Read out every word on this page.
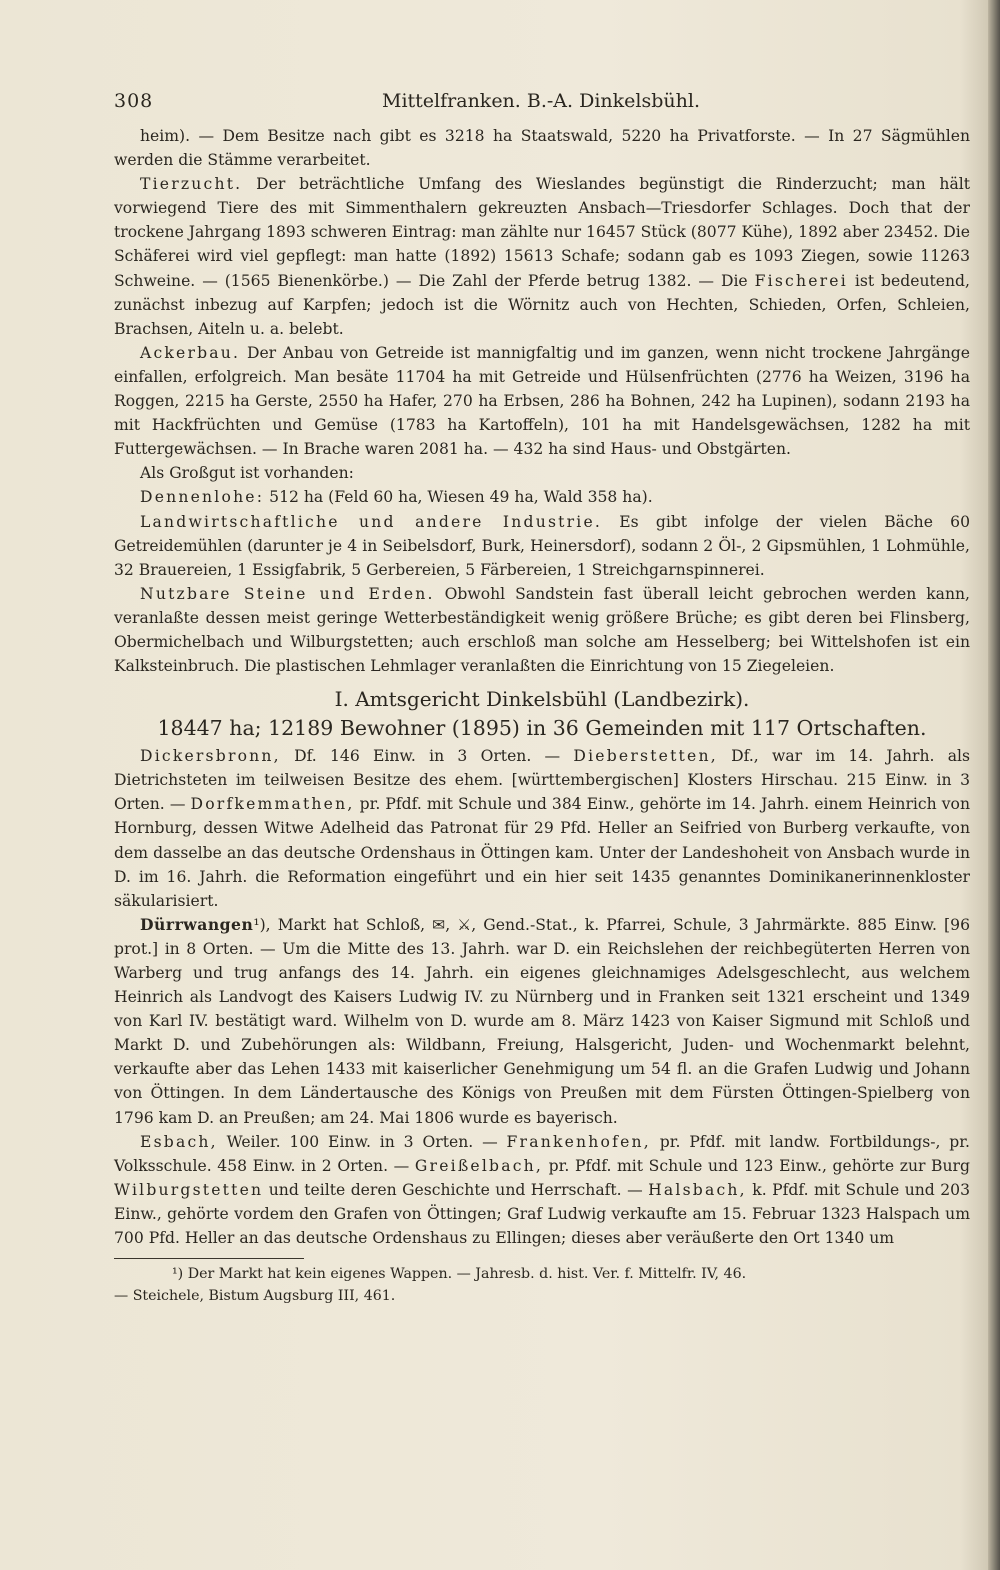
308	Mittelfranken. B.-A. Dinkelsbühl.

heim). — Dem Besitze nach gibt es 3218 ha Staatswald, 5220 ha Privatforste. — In 27 Sägmühlen werden die Stämme verarbeitet.

Tierzucht. Der beträchtliche Umfang des Wieslandes begünstigt die Rinderzucht; man hält vorwiegend Tiere des mit Simmenthalern gekreuzten Ansbach—Triesdorfer Schlages. Doch that der trockene Jahrgang 1893 schweren Eintrag: man zählte nur 16457 Stück (8077 Kühe), 1892 aber 23452. Die Schäferei wird viel gepflegt: man hatte (1892) 15613 Schafe; sodann gab es 1093 Ziegen, sowie 11263 Schweine. — (1565 Bienenkörbe.) — Die Zahl der Pferde betrug 1382. — Die Fischerei ist bedeutend, zunächst inbezug auf Karpfen; jedoch ist die Wörnitz auch von Hechten, Schieden, Orfen, Schleien, Brachsen, Aiteln u. a. belebt.

Ackerbau. Der Anbau von Getreide ist mannigfaltig und im ganzen, wenn nicht trockene Jahrgänge einfallen, erfolgreich. Man besäte 11704 ha mit Getreide und Hülsenfrüchten (2776 ha Weizen, 3196 ha Roggen, 2215 ha Gerste, 2550 ha Hafer, 270 ha Erbsen, 286 ha Bohnen, 242 ha Lupinen), sodann 2193 ha mit Hackfrüchten und Gemüse (1783 ha Kartoffeln), 101 ha mit Handelsgewächsen, 1282 ha mit Futtergewächsen. — In Brache waren 2081 ha. — 432 ha sind Haus- und Obstgärten.

Als Großgut ist vorhanden:

Dennenlohe: 512 ha (Feld 60 ha, Wiesen 49 ha, Wald 358 ha).

Landwirtschaftliche und andere Industrie. Es gibt infolge der vielen Bäche 60 Getreidemühlen (darunter je 4 in Seibelsdorf, Burk, Heinersdorf), sodann 2 Öl-, 2 Gipsmühlen, 1 Lohmühle, 32 Brauereien, 1 Essigfabrik, 5 Gerbereien, 5 Färbereien, 1 Streichgarnspinnerei.

Nutzbare Steine und Erden. Obwohl Sandstein fast überall leicht gebrochen werden kann, veranlaßte dessen meist geringe Wetterbeständigkeit wenig größere Brüche; es gibt deren bei Flinsberg, Obermichelbach und Wilburgstetten; auch erschloß man solche am Hesselberg; bei Wittelshofen ist ein Kalksteinbruch. Die plastischen Lehmlager veranlaßten die Einrichtung von 15 Ziegeleien.

I. Amtsgericht Dinkelsbühl (Landbezirk).
18447 ha; 12189 Bewohner (1895) in 36 Gemeinden mit 117 Ortschaften.

Dickersbronn, Df. 146 Einw. in 3 Orten. — Dieberstetten, Df., war im 14. Jahrh. als Dietrichsteten im teilweisen Besitze des ehem. [württembergischen] Klosters Hirschau. 215 Einw. in 3 Orten. — Dorfkemmathen, pr. Pfdf. mit Schule und 384 Einw., gehörte im 14. Jahrh. einem Heinrich von Hornburg, dessen Witwe Adelheid das Patronat für 29 Pfd. Heller an Seifried von Burberg verkaufte, von dem dasselbe an das deutsche Ordenshaus in Öttingen kam. Unter der Landeshoheit von Ansbach wurde in D. im 16. Jahrh. die Reformation eingeführt und ein hier seit 1435 genanntes Dominikanerinnenkloster säkularisiert.

Dürrwangen¹), Markt hat Schloß, ✉, ⚔, Gend.-Stat., k. Pfarrei, Schule, 3 Jahrmärkte. 885 Einw. [96 prot.] in 8 Orten. — Um die Mitte des 13. Jahrh. war D. ein Reichslehen der reichbegüterten Herren von Warberg und trug anfangs des 14. Jahrh. ein eigenes gleichnamiges Adelsgeschlecht, aus welchem Heinrich als Landvogt des Kaisers Ludwig IV. zu Nürnberg und in Franken seit 1321 erscheint und 1349 von Karl IV. bestätigt ward. Wilhelm von D. wurde am 8. März 1423 von Kaiser Sigmund mit Schloß und Markt D. und Zubehörungen als: Wildbann, Freiung, Halsgericht, Juden- und Wochenmarkt belehnt, verkaufte aber das Lehen 1433 mit kaiserlicher Genehmigung um 54 fl. an die Grafen Ludwig und Johann von Öttingen. In dem Ländertausche des Königs von Preußen mit dem Fürsten Öttingen-Spielberg von 1796 kam D. an Preußen; am 24. Mai 1806 wurde es bayerisch.

Esbach, Weiler. 100 Einw. in 3 Orten. — Frankenhofen, pr. Pfdf. mit landw. Fortbildungs-, pr. Volksschule. 458 Einw. in 2 Orten. — Greißelbach, pr. Pfdf. mit Schule und 123 Einw., gehörte zur Burg Wilburgstetten und teilte deren Geschichte und Herrschaft. — Halsbach, k. Pfdf. mit Schule und 203 Einw., gehörte vordem den Grafen von Öttingen; Graf Ludwig verkaufte am 15. Februar 1323 Halspach um 700 Pfd. Heller an das deutsche Ordenshaus zu Ellingen; dieses aber veräußerte den Ort 1340 um

¹) Der Markt hat kein eigenes Wappen. — Jahresb. d. hist. Ver. f. Mittelfr. IV, 46.

— Steichele, Bistum Augsburg III, 461.
